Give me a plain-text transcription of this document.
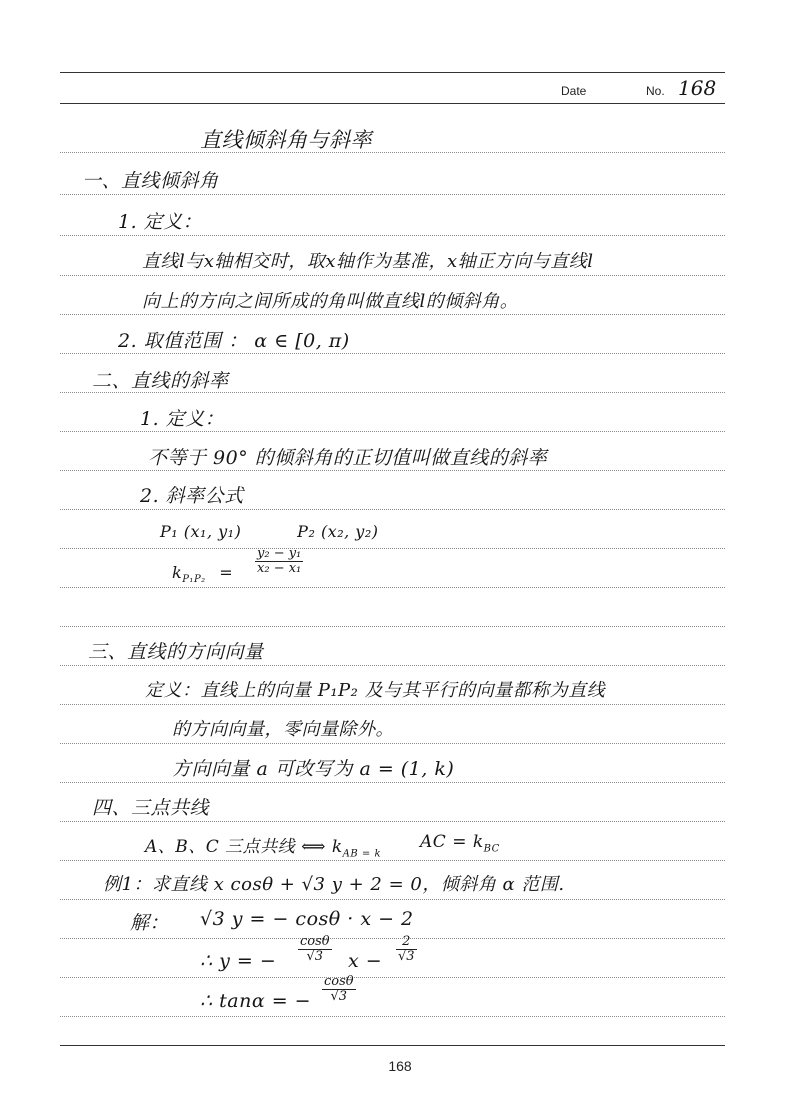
Date	No. 168
直线倾斜角与斜率
一、直线倾斜角
1. 定义：
直线l与x轴相交时，取x轴作为基准，x轴正方向与直线l
向上的方向之间所成的角叫做直线l的倾斜角。
2. 取值范围 ： α ∈ [0, π)
二、直线的斜率
1. 定义：
不等于 90° 的倾斜角的正切值叫做直线的斜率
2. 斜率公式
P₁ (x₁, y₁)          P₂ (x₂, y₂)
$k_{P_1P_2} = \frac{\text{y₂ − y₁}}{\text{x₂ − x₁}}$
三、直线的方向向量
定义：直线上的向量 P₁P₂ 及与其平行的向量都称为直线
的方向向量，零向量除外。
方向向量 a 可改写为 a = (1, k)
四、三点共线
A、B、C 三点共线 ⟺ $k_{AB = k}$
AC = $k_{BC}$
例1：求直线 x cosθ + √3 y + 2 = 0，倾斜角 α 范围.
解： √3 y = − cosθ · x − 2
∴ y = − $\frac{\cos\theta}{√3}$ $x - \frac{2}{√3}$
∴ tanα = − $\frac{\cos\theta}{√3}$
168
